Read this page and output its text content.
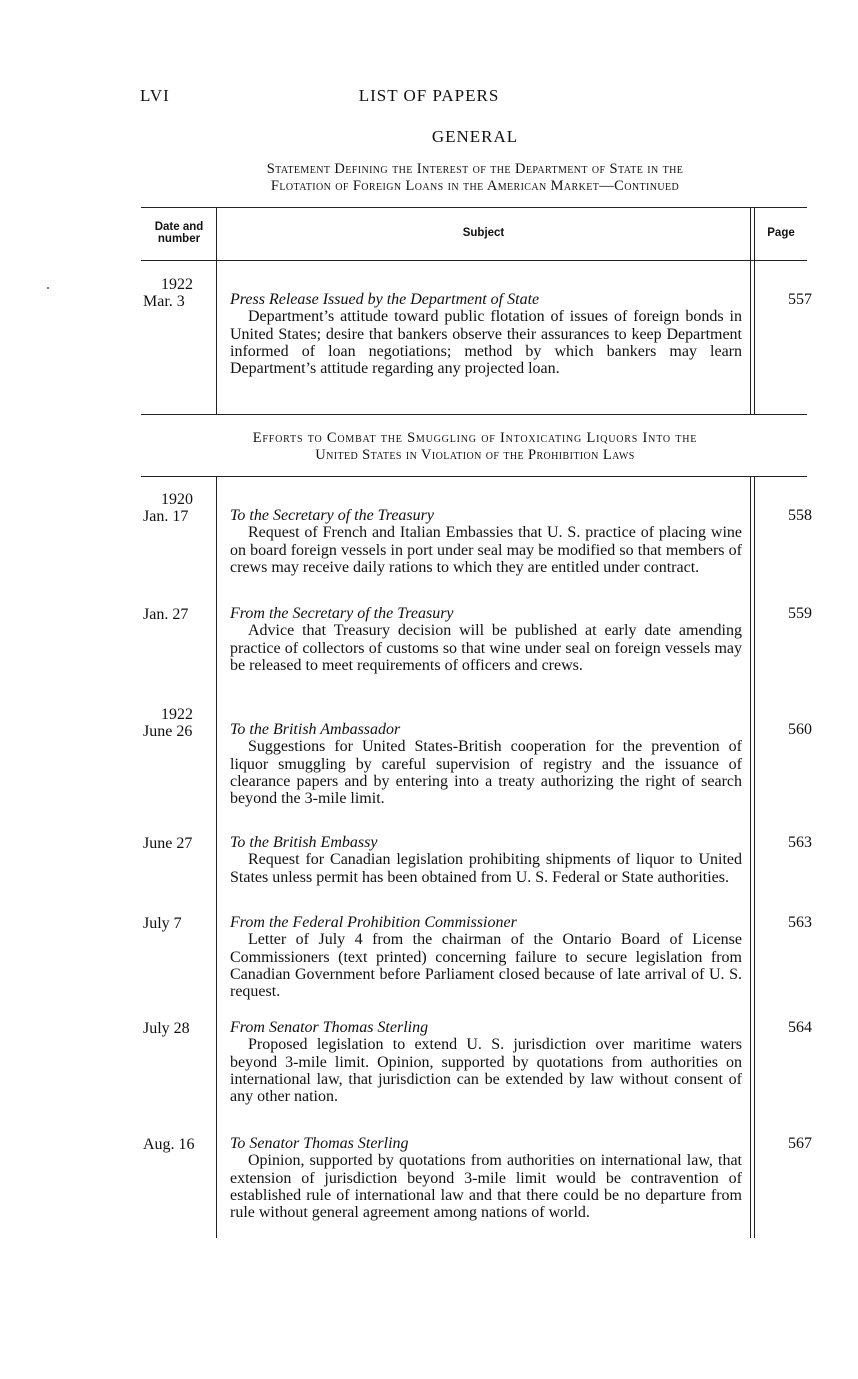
LVI	LIST OF PAPERS
GENERAL
Statement Defining the Interest of the Department of State in the
Flotation of Foreign Loans in the American Market—Continued
Date and number	Subject	Page
1922
Mar. 3	Press Release Issued by the Department of State
Department’s attitude toward public flotation of issues of foreign bonds in United States; desire that bankers observe their assurances to keep Department informed of loan negotiations; method by which bankers may learn Department’s attitude regarding any projected loan.
557
Efforts to Combat the Smuggling of Intoxicating Liquors Into the
United States in Violation of the Prohibition Laws
1920
Jan. 17	To the Secretary of the Treasury
Request of French and Italian Embassies that U. S. practice of placing wine on board foreign vessels in port under seal may be modified so that members of crews may receive daily rations to which they are entitled under contract.
558
Jan. 27	From the Secretary of the Treasury
Advice that Treasury decision will be published at early date amending practice of collectors of customs so that wine under seal on foreign vessels may be released to meet requirements of officers and crews.
559
1922
June 26	To the British Ambassador
Suggestions for United States-British cooperation for the prevention of liquor smuggling by careful supervision of registry and the issuance of clearance papers and by entering into a treaty authorizing the right of search beyond the 3-mile limit.
560
June 27 To the British Embassy
Request for Canadian legislation prohibiting shipments of liquor to United States unless permit has been obtained from U. S. Federal or State authorities.
563
July 7	From the Federal Prohibition Commissioner
Letter of July 4 from the chairman of the Ontario Board of License Commissioners (text printed) concerning failure to secure legislation from Canadian Government before Parliament closed because of late arrival of U. S. request.
563
July 28	From Senator Thomas Sterling
Proposed legislation to extend U. S. jurisdiction over maritime waters beyond 3-mile limit. Opinion, supported by quotations from authorities on international law, that jurisdiction can be extended by law without consent of any other nation.
564
Aug. 16 To Senator Thomas Sterling
Opinion, supported by quotations from authorities on international law, that extension of jurisdiction beyond 3-mile limit would be contravention of established rule of international law and that there could be no departure from rule without general agreement among nations of world.
567
